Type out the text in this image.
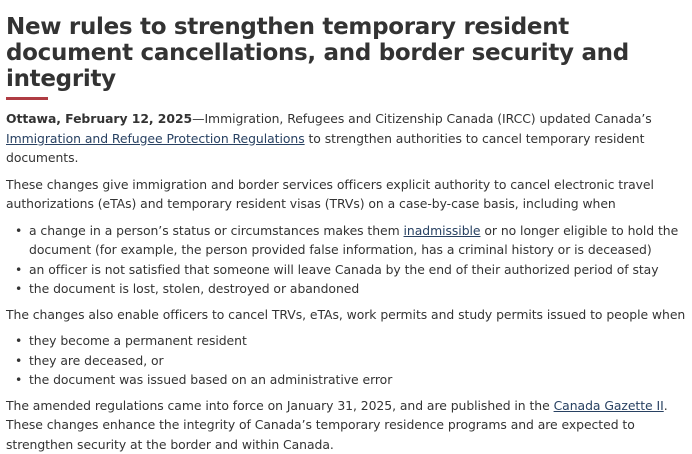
New rules to strengthen temporary resident document cancellations, and border security and integrity

Ottawa, February 12, 2025—Immigration, Refugees and Citizenship Canada (IRCC) updated Canada’s Immigration and Refugee Protection Regulations to strengthen authorities to cancel temporary resident documents.

These changes give immigration and border services officers explicit authority to cancel electronic travel authorizations (eTAs) and temporary resident visas (TRVs) on a case-by-case basis, including when

• a change in a person’s status or circumstances makes them inadmissible or no longer eligible to hold the document (for example, the person provided false information, has a criminal history or is deceased)
• an officer is not satisfied that someone will leave Canada by the end of their authorized period of stay
• the document is lost, stolen, destroyed or abandoned

The changes also enable officers to cancel TRVs, eTAs, work permits and study permits issued to people when

• they become a permanent resident
• they are deceased, or
• the document was issued based on an administrative error

The amended regulations came into force on January 31, 2025, and are published in the Canada Gazette II. These changes enhance the integrity of Canada’s temporary residence programs and are expected to strengthen security at the border and within Canada.
